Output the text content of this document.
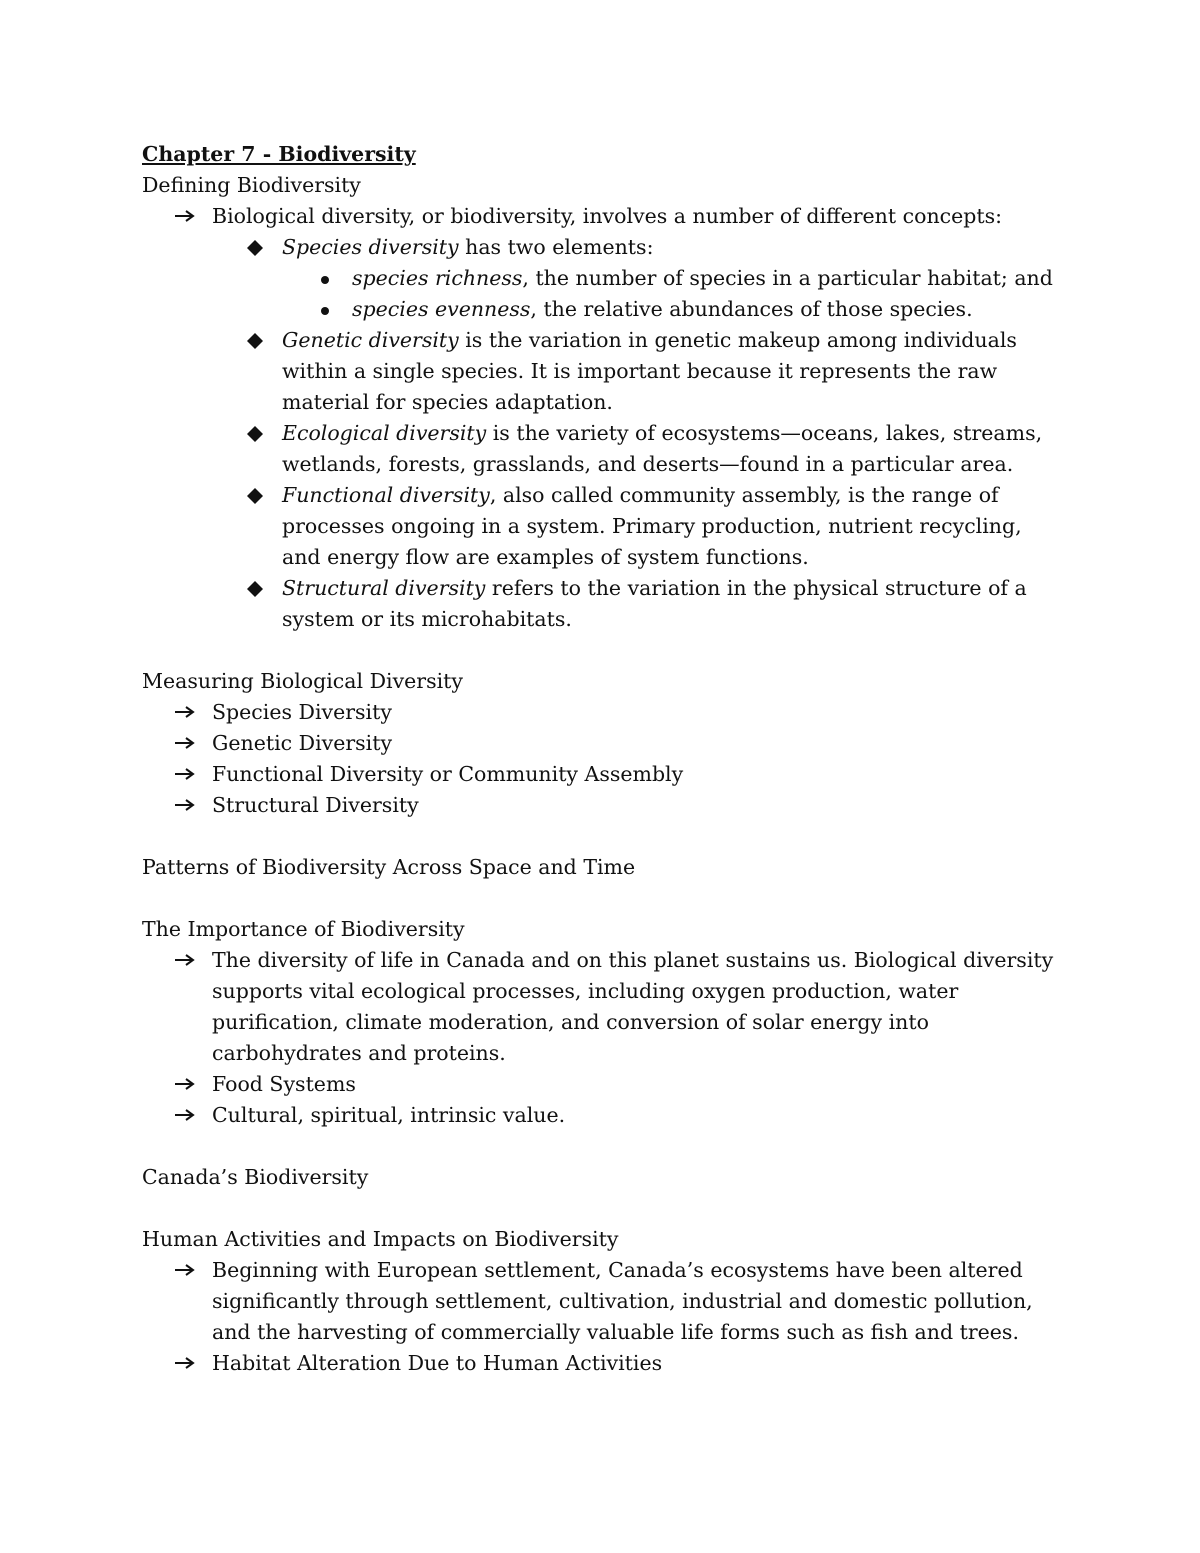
Chapter 7 - Biodiversity
Defining Biodiversity
Biological diversity, or biodiversity, involves a number of different concepts:
Species diversity has two elements:
species richness, the number of species in a particular habitat; and
species evenness, the relative abundances of those species.
Genetic diversity is the variation in genetic makeup among individuals within a single species. It is important because it represents the raw material for species adaptation.
Ecological diversity is the variety of ecosystems—oceans, lakes, streams, wetlands, forests, grasslands, and deserts—found in a particular area.
Functional diversity, also called community assembly, is the range of processes ongoing in a system. Primary production, nutrient recycling, and energy flow are examples of system functions.
Structural diversity refers to the variation in the physical structure of a system or its microhabitats.
Measuring Biological Diversity
Species Diversity
Genetic Diversity
Functional Diversity or Community Assembly
Structural Diversity
Patterns of Biodiversity Across Space and Time
The Importance of Biodiversity
The diversity of life in Canada and on this planet sustains us. Biological diversity supports vital ecological processes, including oxygen production, water purification, climate moderation, and conversion of solar energy into carbohydrates and proteins.
Food Systems
Cultural, spiritual, intrinsic value.
Canada’s Biodiversity
Human Activities and Impacts on Biodiversity
Beginning with European settlement, Canada’s ecosystems have been altered significantly through settlement, cultivation, industrial and domestic pollution, and the harvesting of commercially valuable life forms such as fish and trees.
Habitat Alteration Due to Human Activities
